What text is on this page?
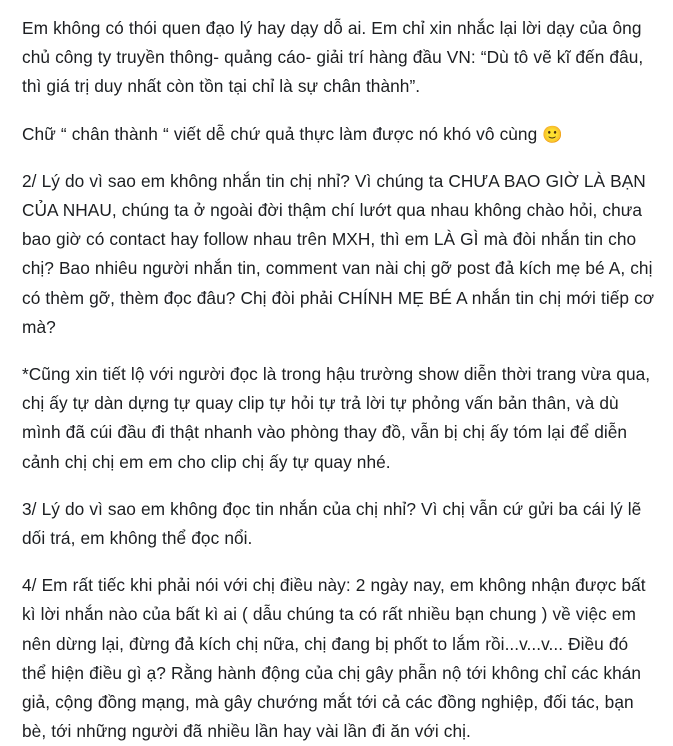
Em không có thói quen đạo lý hay dạy dỗ ai. Em chỉ xin nhắc lại lời dạy của ông chủ công ty truyền thông- quảng cáo- giải trí hàng đầu VN: “Dù tô vẽ kĩ đến đâu, thì giá trị duy nhất còn tồn tại chỉ là sự chân thành”.

Chữ “ chân thành “ viết dễ chứ quả thực làm được nó khó vô cùng 🙂

2/ Lý do vì sao em không nhắn tin chị nhỉ? Vì chúng ta CHƯA BAO GIỜ LÀ BẠN CỦA NHAU, chúng ta ở ngoài đời thậm chí lướt qua nhau không chào hỏi, chưa bao giờ có contact hay follow nhau trên MXH, thì em LÀ GÌ mà đòi nhắn tin cho chị? Bao nhiêu người nhắn tin, comment van nài chị gỡ post đả kích mẹ bé A, chị có thèm gỡ, thèm đọc đâu? Chị đòi phải CHÍNH MẸ BÉ A nhắn tin chị mới tiếp cơ mà?

*Cũng xin tiết lộ với người đọc là trong hậu trường show diễn thời trang vừa qua, chị ấy tự dàn dựng tự quay clip tự hỏi tự trả lời tự phỏng vấn bản thân, và dù mình đã cúi đầu đi thật nhanh vào phòng thay đồ, vẫn bị chị ấy tóm lại để diễn cảnh chị chị em em cho clip chị ấy tự quay nhé.

3/ Lý do vì sao em không đọc tin nhắn của chị nhỉ? Vì chị vẫn cứ gửi ba cái lý lẽ dối trá, em không thể đọc nổi.

4/ Em rất tiếc khi phải nói với chị điều này: 2 ngày nay, em không nhận được bất kì lời nhắn nào của bất kì ai ( dẫu chúng ta có rất nhiều bạn chung ) về việc em nên dừng lại, đừng đả kích chị nữa, chị đang bị phốt to lắm rồi...v...v... Điều đó thể hiện điều gì ạ? Rằng hành động của chị gây phẫn nộ tới không chỉ các khán giả, cộng đồng mạng, mà gây chướng mắt tới cả các đồng nghiệp, đối tác, bạn bè, tới những người đã nhiều lần hay vài lần đi ăn với chị.
